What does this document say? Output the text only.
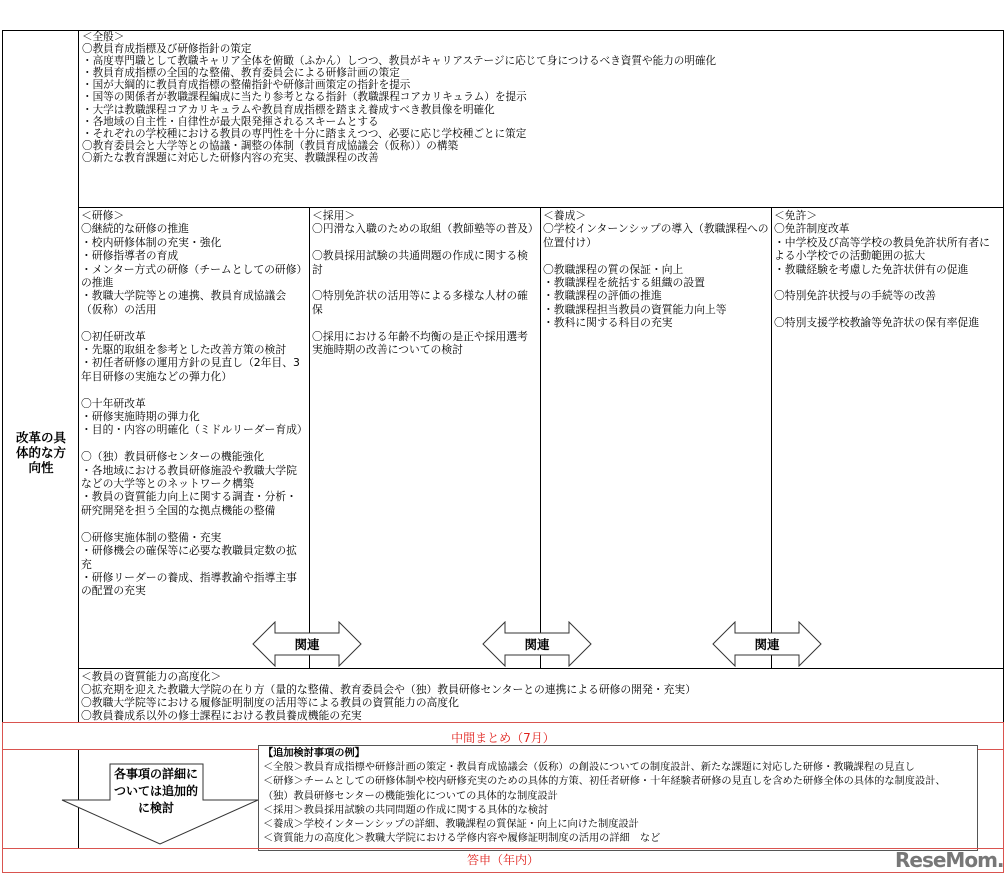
改革の具体的な方向性
＜全般＞
〇教員育成指標及び研修指針の策定
・高度専門職として教職キャリア全体を俯瞰（ふかん）しつつ、教員がキャリアステージに応じて身につけるべき資質や能力の明確化
・教員育成指標の全国的な整備、教育委員会による研修計画の策定
・国が大綱的に教員育成指標の整備指針や研修計画策定の指針を提示
・国等の関係者が教職課程編成に当たり参考となる指針（教職課程コアカリキュラム）を提示
・大学は教職課程コアカリキュラムや教員育成指標を踏まえ養成すべき教員像を明確化
・各地域の自主性・自律性が最大限発揮されるスキームとする
・それぞれの学校種における教員の専門性を十分に踏まえつつ、必要に応じ学校種ごとに策定
〇教育委員会と大学等との協議・調整の体制（教員育成協議会（仮称））の構築
〇新たな教育課題に対応した研修内容の充実、教職課程の改善
＜研修＞
〇継続的な研修の推進
・校内研修体制の充実・強化
・研修指導者の育成
・メンター方式の研修（チームとしての研修）の推進
・教職大学院等との連携、教員育成協議会（仮称）の活用
〇初任研改革
・先駆的取組を参考とした改善方策の検討
・初任者研修の運用方針の見直し（2年目、3年目研修の実施などの弾力化）
〇十年研改革
・研修実施時期の弾力化
・目的・内容の明確化（ミドルリーダー育成）
〇（独）教員研修センターの機能強化
・各地域における教員研修施設や教職大学院などの大学等とのネットワーク構築
・教員の資質能力向上に関する調査・分析・研究開発を担う全国的な拠点機能の整備
〇研修実施体制の整備・充実
・研修機会の確保等に必要な教職員定数の拡充
・研修リーダーの養成、指導教諭や指導主事の配置の充実
＜採用＞
〇円滑な入職のための取組（教師塾等の普及）
〇教員採用試験の共通問題の作成に関する検討
〇特別免許状の活用等による多様な人材の確保
〇採用における年齢不均衡の是正や採用選考実施時期の改善についての検討
＜養成＞
〇学校インターンシップの導入（教職課程への位置付け）
〇教職課程の質の保証・向上
・教職課程を統括する組織の設置
・教職課程の評価の推進
・教職課程担当教員の資質能力向上等
・教科に関する科目の充実
＜免許＞
〇免許制度改革
・中学校及び高等学校の教員免許状所有者による小学校での活動範囲の拡大
・教職経験を考慮した免許状併有の促進
〇特別免許状授与の手続等の改善
〇特別支援学校教諭等免許状の保有率促進
関連	関連	関連
＜教員の資質能力の高度化＞
〇拡充期を迎えた教職大学院の在り方（量的な整備、教育委員会や（独）教員研修センターとの連携による研修の開発・充実）
〇教職大学院等における履修証明制度の活用等による教員の資質能力の高度化
〇教員養成系以外の修士課程における教員養成機能の充実
中間まとめ（7月）
各事項の詳細については追加的に検討
【追加検討事項の例】
＜全般＞教員育成指標や研修計画の策定・教員育成協議会（仮称）の創設についての制度設計、新たな課題に対応した研修・教職課程の見直し
＜研修＞チームとしての研修体制や校内研修充実のための具体的方策、初任者研修・十年経験者研修の見直しを含めた研修全体の具体的な制度設計、
（独）教員研修センターの機能強化についての具体的な制度設計
＜採用＞教員採用試験の共同問題の作成に関する具体的な検討
＜養成＞学校インターンシップの詳細、教職課程の質保証・向上に向けた制度設計
＜資質能力の高度化＞教職大学院における学修内容や履修証明制度の活用の詳細　など
答申（年内）	ReseMom.
